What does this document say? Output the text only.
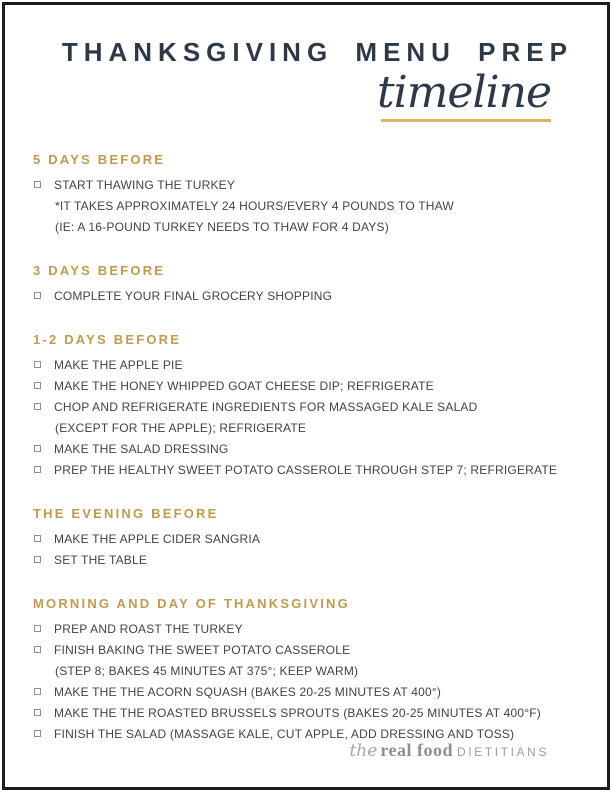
THANKSGIVING MENU PREP
timeline
5 DAYS BEFORE
START THAWING THE TURKEY
*IT TAKES APPROXIMATELY 24 HOURS/EVERY 4 POUNDS TO THAW
(IE: A 16-POUND TURKEY NEEDS TO THAW FOR 4 DAYS)
3 DAYS BEFORE
COMPLETE YOUR FINAL GROCERY SHOPPING
1-2 DAYS BEFORE
MAKE THE APPLE PIE
MAKE THE HONEY WHIPPED GOAT CHEESE DIP; REFRIGERATE
CHOP AND REFRIGERATE INGREDIENTS FOR MASSAGED KALE SALAD
(EXCEPT FOR THE APPLE); REFRIGERATE
MAKE THE SALAD DRESSING
PREP THE HEALTHY SWEET POTATO CASSEROLE THROUGH STEP 7; REFRIGERATE
THE EVENING BEFORE
MAKE THE APPLE CIDER SANGRIA
SET THE TABLE
MORNING AND DAY OF THANKSGIVING
PREP AND ROAST THE TURKEY
FINISH BAKING THE SWEET POTATO CASSEROLE
(STEP 8; BAKES 45 MINUTES AT 375°; KEEP WARM)
MAKE THE THE ACORN SQUASH (BAKES 20-25 MINUTES AT 400°)
MAKE THE THE ROASTED BRUSSELS SPROUTS (BAKES 20-25 MINUTES AT 400°F)
FINISH THE SALAD (MASSAGE KALE, CUT APPLE, ADD DRESSING AND TOSS)
the real food DIETITIANS
